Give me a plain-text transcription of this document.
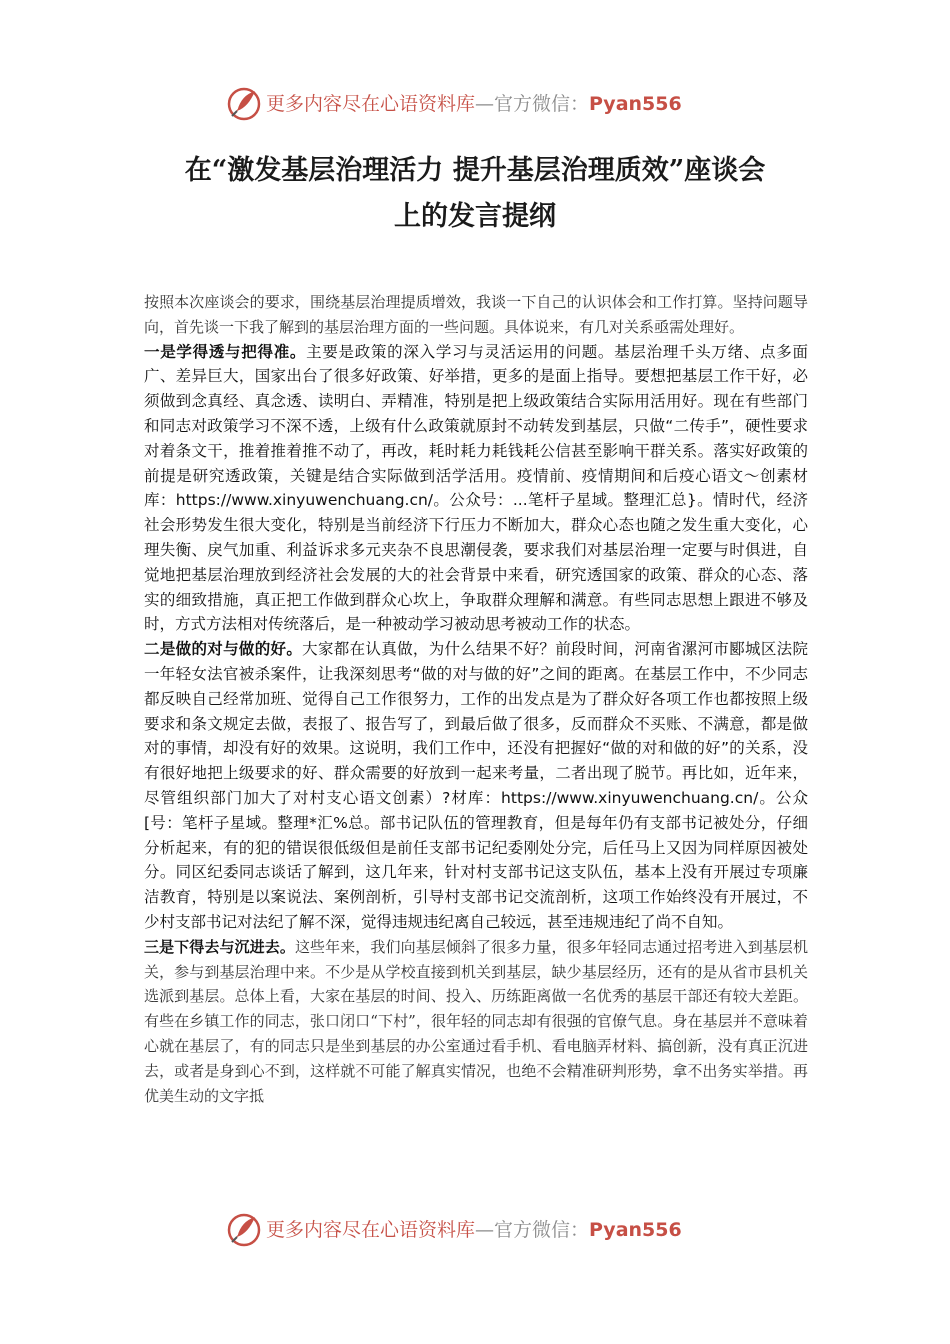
更多内容尽在心语资料库—官方微信：Pyan556
在“激发基层治理活力 提升基层治理质效”座谈会
上的发言提纲

按照本次座谈会的要求，围绕基层治理提质增效，我谈一下自己的认识体会和工作打算。坚持问题导向，首先谈一下我了解到的基层治理方面的一些问题。具体说来，有几对关系亟需处理好。

一是学得透与把得准。主要是政策的深入学习与灵活运用的问题。基层治理千头万绪、点多面广、差异巨大，国家出台了很多好政策、好举措，更多的是面上指导。要想把基层工作干好，必须做到念真经、真念透、读明白、弄精准，特别是把上级政策结合实际用活用好。现在有些部门和同志对政策学习不深不透，上级有什么政策就原封不动转发到基层，只做“二传手”，硬性要求对着条文干，推着推着推不动了，再改，耗时耗力耗钱耗公信甚至影响干群关系。落实好政策的前提是研究透政策，关键是结合实际做到活学活用。疫情前、疫情期间和后疫心语文～创素材库：https://www.xinyuwenchuang.cn/。公众号：...笔杆子星域。整理汇总}。情时代，经济社会形势发生很大变化，特别是当前经济下行压力不断加大，群众心态也随之发生重大变化，心理失衡、戾气加重、利益诉求多元夹杂不良思潮侵袭，要求我们对基层治理一定要与时俱进，自觉地把基层治理放到经济社会发展的大的社会背景中来看，研究透国家的政策、群众的心态、落实的细致措施，真正把工作做到群众心坎上，争取群众理解和满意。有些同志思想上跟进不够及时，方式方法相对传统落后，是一种被动学习被动思考被动工作的状态。

二是做的对与做的好。大家都在认真做，为什么结果不好？前段时间，河南省漯河市郾城区法院一年轻女法官被杀案件，让我深刻思考“做的对与做的好”之间的距离。在基层工作中，不少同志都反映自己经常加班、觉得自己工作很努力，工作的出发点是为了群众好各项工作也都按照上级要求和条文规定去做，表报了、报告写了，到最后做了很多，反而群众不买账、不满意，都是做对的事情，却没有好的效果。这说明，我们工作中，还没有把握好“做的对和做的好”的关系，没有很好地把上级要求的好、群众需要的好放到一起来考量，二者出现了脱节。再比如，近年来，尽管组织部门加大了对村支心语文创素）?材库：https://www.xinyuwenchuang.cn/。公众[号：笔杆子星域。整理*汇%总。部书记队伍的管理教育，但是每年仍有支部书记被处分，仔细分析起来，有的犯的错误很低级但是前任支部书记纪委刚处分完，后任马上又因为同样原因被处分。同区纪委同志谈话了解到，这几年来，针对村支部书记这支队伍，基本上没有开展过专项廉洁教育，特别是以案说法、案例剖析，引导村支部书记交流剖析，这项工作始终没有开展过，不少村支部书记对法纪了解不深，觉得违规违纪离自己较远，甚至违规违纪了尚不自知。

三是下得去与沉进去。这些年来，我们向基层倾斜了很多力量，很多年轻同志通过招考进入到基层机关，参与到基层治理中来。不少是从学校直接到机关到基层，缺少基层经历，还有的是从省市县机关选派到基层。总体上看，大家在基层的时间、投入、历练距离做一名优秀的基层干部还有较大差距。有些在乡镇工作的同志，张口闭口“下村”，很年轻的同志却有很强的官僚气息。身在基层并不意味着心就在基层了，有的同志只是坐到基层的办公室通过看手机、看电脑弄材料、搞创新，没有真正沉进去，或者是身到心不到，这样就不可能了解真实情况，也绝不会精准研判形势，拿不出务实举措。再优美生动的文字抵

更多内容尽在心语资料库—官方微信：Pyan556
